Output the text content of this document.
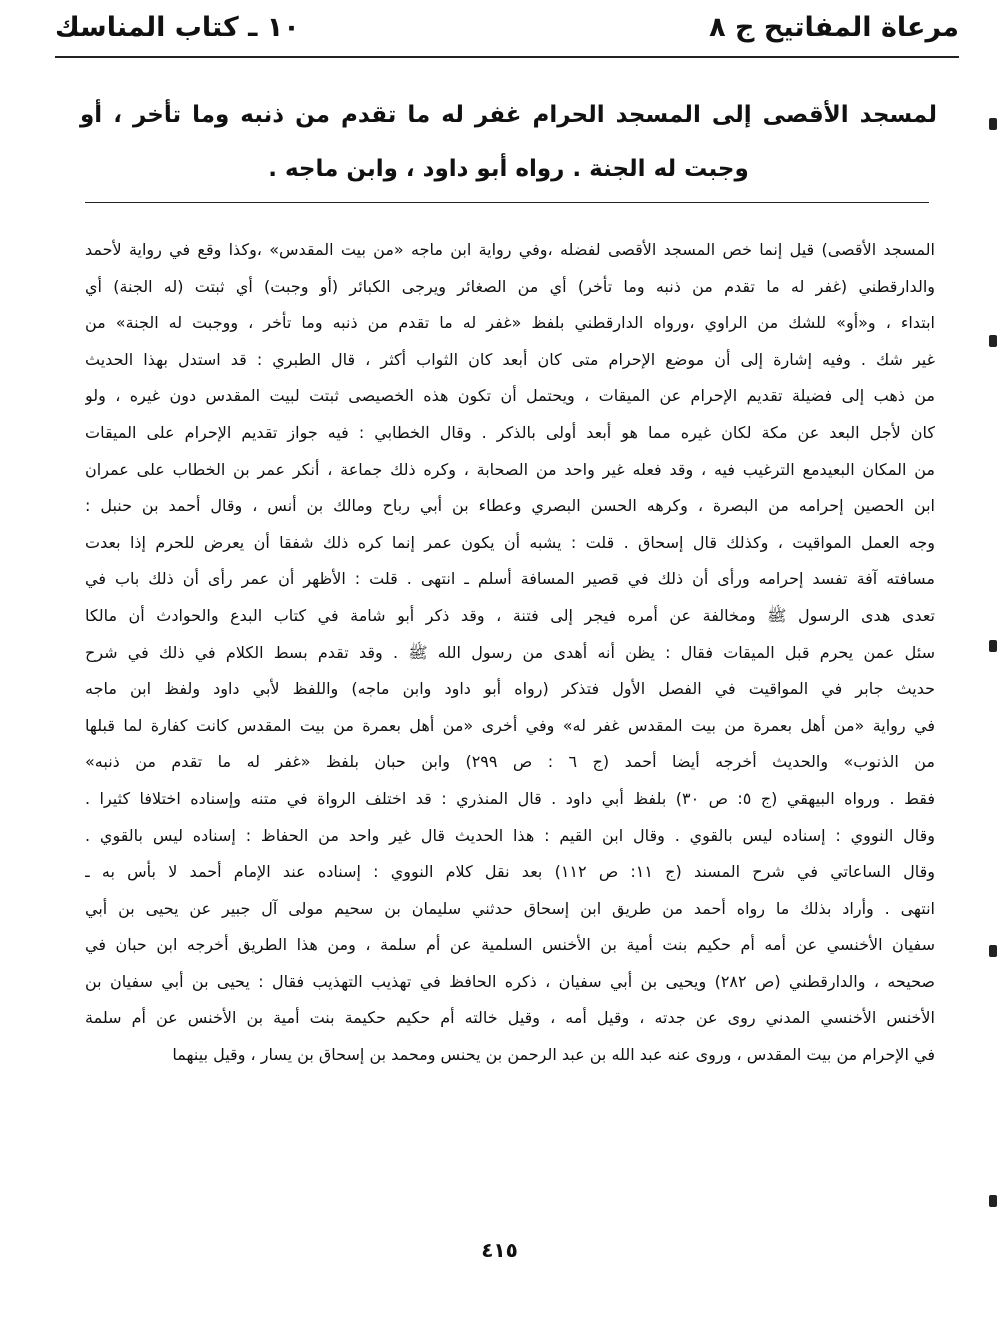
مرعاة المفاتيح ج ٨
١٠ ـ كتاب المناسك
لمسجد الأقصى إلى المسجد الحرام غفر له ما تقدم من ذنبه وما تأخر ، أو وجبت له الجنة . رواه أبو داود ، وابن ماجه .
المسجد الأقصى) قيل إنما خص المسجد الأقصى لفضله ،وفي رواية ابن ماجه «من بيت المقدس» ،وكذا وقع في رواية لأحمد
والدارقطني (غفر له ما تقدم من ذنبه وما تأخر) أي من الصغائر ويرجى الكبائر (أو وجبت) أي ثبتت (له الجنة) أي
ابتداء ، و«أو» للشك من الراوي ،ورواه الدارقطني بلفظ «غفر له ما تقدم من ذنبه وما تأخر ، ووجبت له الجنة» من
غير شك . وفيه إشارة إلى أن موضع الإحرام متى كان أبعد كان الثواب أكثر ، قال الطبري : قد استدل بهذا الحديث
من ذهب إلى فضيلة تقديم الإحرام عن الميقات ، ويحتمل أن تكون هذه الخصيصى ثبتت لبيت المقدس دون غيره ، ولو
كان لأجل البعد عن مكة لكان غيره مما هو أبعد أولى بالذكر . وقال الخطابي : فيه جواز تقديم الإحرام على الميقات
من المكان البعيدمع الترغيب فيه ، وقد فعله غير واحد من الصحابة ، وكره ذلك جماعة ، أنكر عمر بن الخطاب على عمران
ابن الحصين إحرامه من البصرة ، وكرهه الحسن البصري وعطاء بن أبي رباح ومالك بن أنس ، وقال أحمد بن حنبل :
وجه العمل المواقيت ، وكذلك قال إسحاق . قلت : يشبه أن يكون عمر إنما كره ذلك شفقا أن يعرض للحرم إذا بعدت
مسافته آفة تفسد إحرامه ورأى أن ذلك في قصير المسافة أسلم ـ انتهى . قلت : الأظهر أن عمر رأى أن ذلك باب في
تعدى هدى الرسول ﷺ ومخالفة عن أمره فيجر إلى فتنة ، وقد ذكر أبو شامة في كتاب البدع والحوادث أن مالكا
سئل عمن يحرم قبل الميقات فقال : يظن أنه أهدى من رسول الله ﷺ . وقد تقدم بسط الكلام في ذلك في شرح
حديث جابر في المواقيت في الفصل الأول فتذكر (رواه أبو داود وابن ماجه) واللفظ لأبي داود ولفظ ابن ماجه
في رواية «من أهل بعمرة من بيت المقدس غفر له» وفي أخرى «من أهل بعمرة من بيت المقدس كانت كفارة لما قبلها
من الذنوب» والحديث أخرجه أيضا أحمد (ج ٦ : ص ٢٩٩) وابن حبان بلفظ «غفر له ما تقدم من ذنبه»
فقط . ورواه البيهقي (ج ٥: ص ٣٠) بلفظ أبي داود . قال المنذري : قد اختلف الرواة في متنه وإسناده اختلافا كثيرا .
وقال النووي : إسناده ليس بالقوي . وقال ابن القيم : هذا الحديث قال غير واحد من الحفاظ : إسناده ليس بالقوي .
وقال الساعاتي في شرح المسند (ج ١١: ص ١١٢) بعد نقل كلام النووي : إسناده عند الإمام أحمد لا بأس به ـ
انتهى . وأراد بذلك ما رواه أحمد من طريق ابن إسحاق حدثني سليمان بن سحيم مولى آل جبير عن يحيى بن أبي
سفيان الأخنسي عن أمه أم حكيم بنت أمية بن الأخنس السلمية عن أم سلمة ، ومن هذا الطريق أخرجه ابن حبان في
صحيحه ، والدارقطني (ص ٢٨٢) ويحيى بن أبي سفيان ، ذكره الحافظ في تهذيب التهذيب فقال : يحيى بن أبي سفيان بن
الأخنس الأخنسي المدني روى عن جدته ، وقيل أمه ، وقيل خالته أم حكيم حكيمة بنت أمية بن الأخنس عن أم سلمة
في الإحرام من بيت المقدس ، وروى عنه عبد الله بن عبد الرحمن بن يحنس ومحمد بن إسحاق بن يسار ، وقيل بينهما
٤١٥
